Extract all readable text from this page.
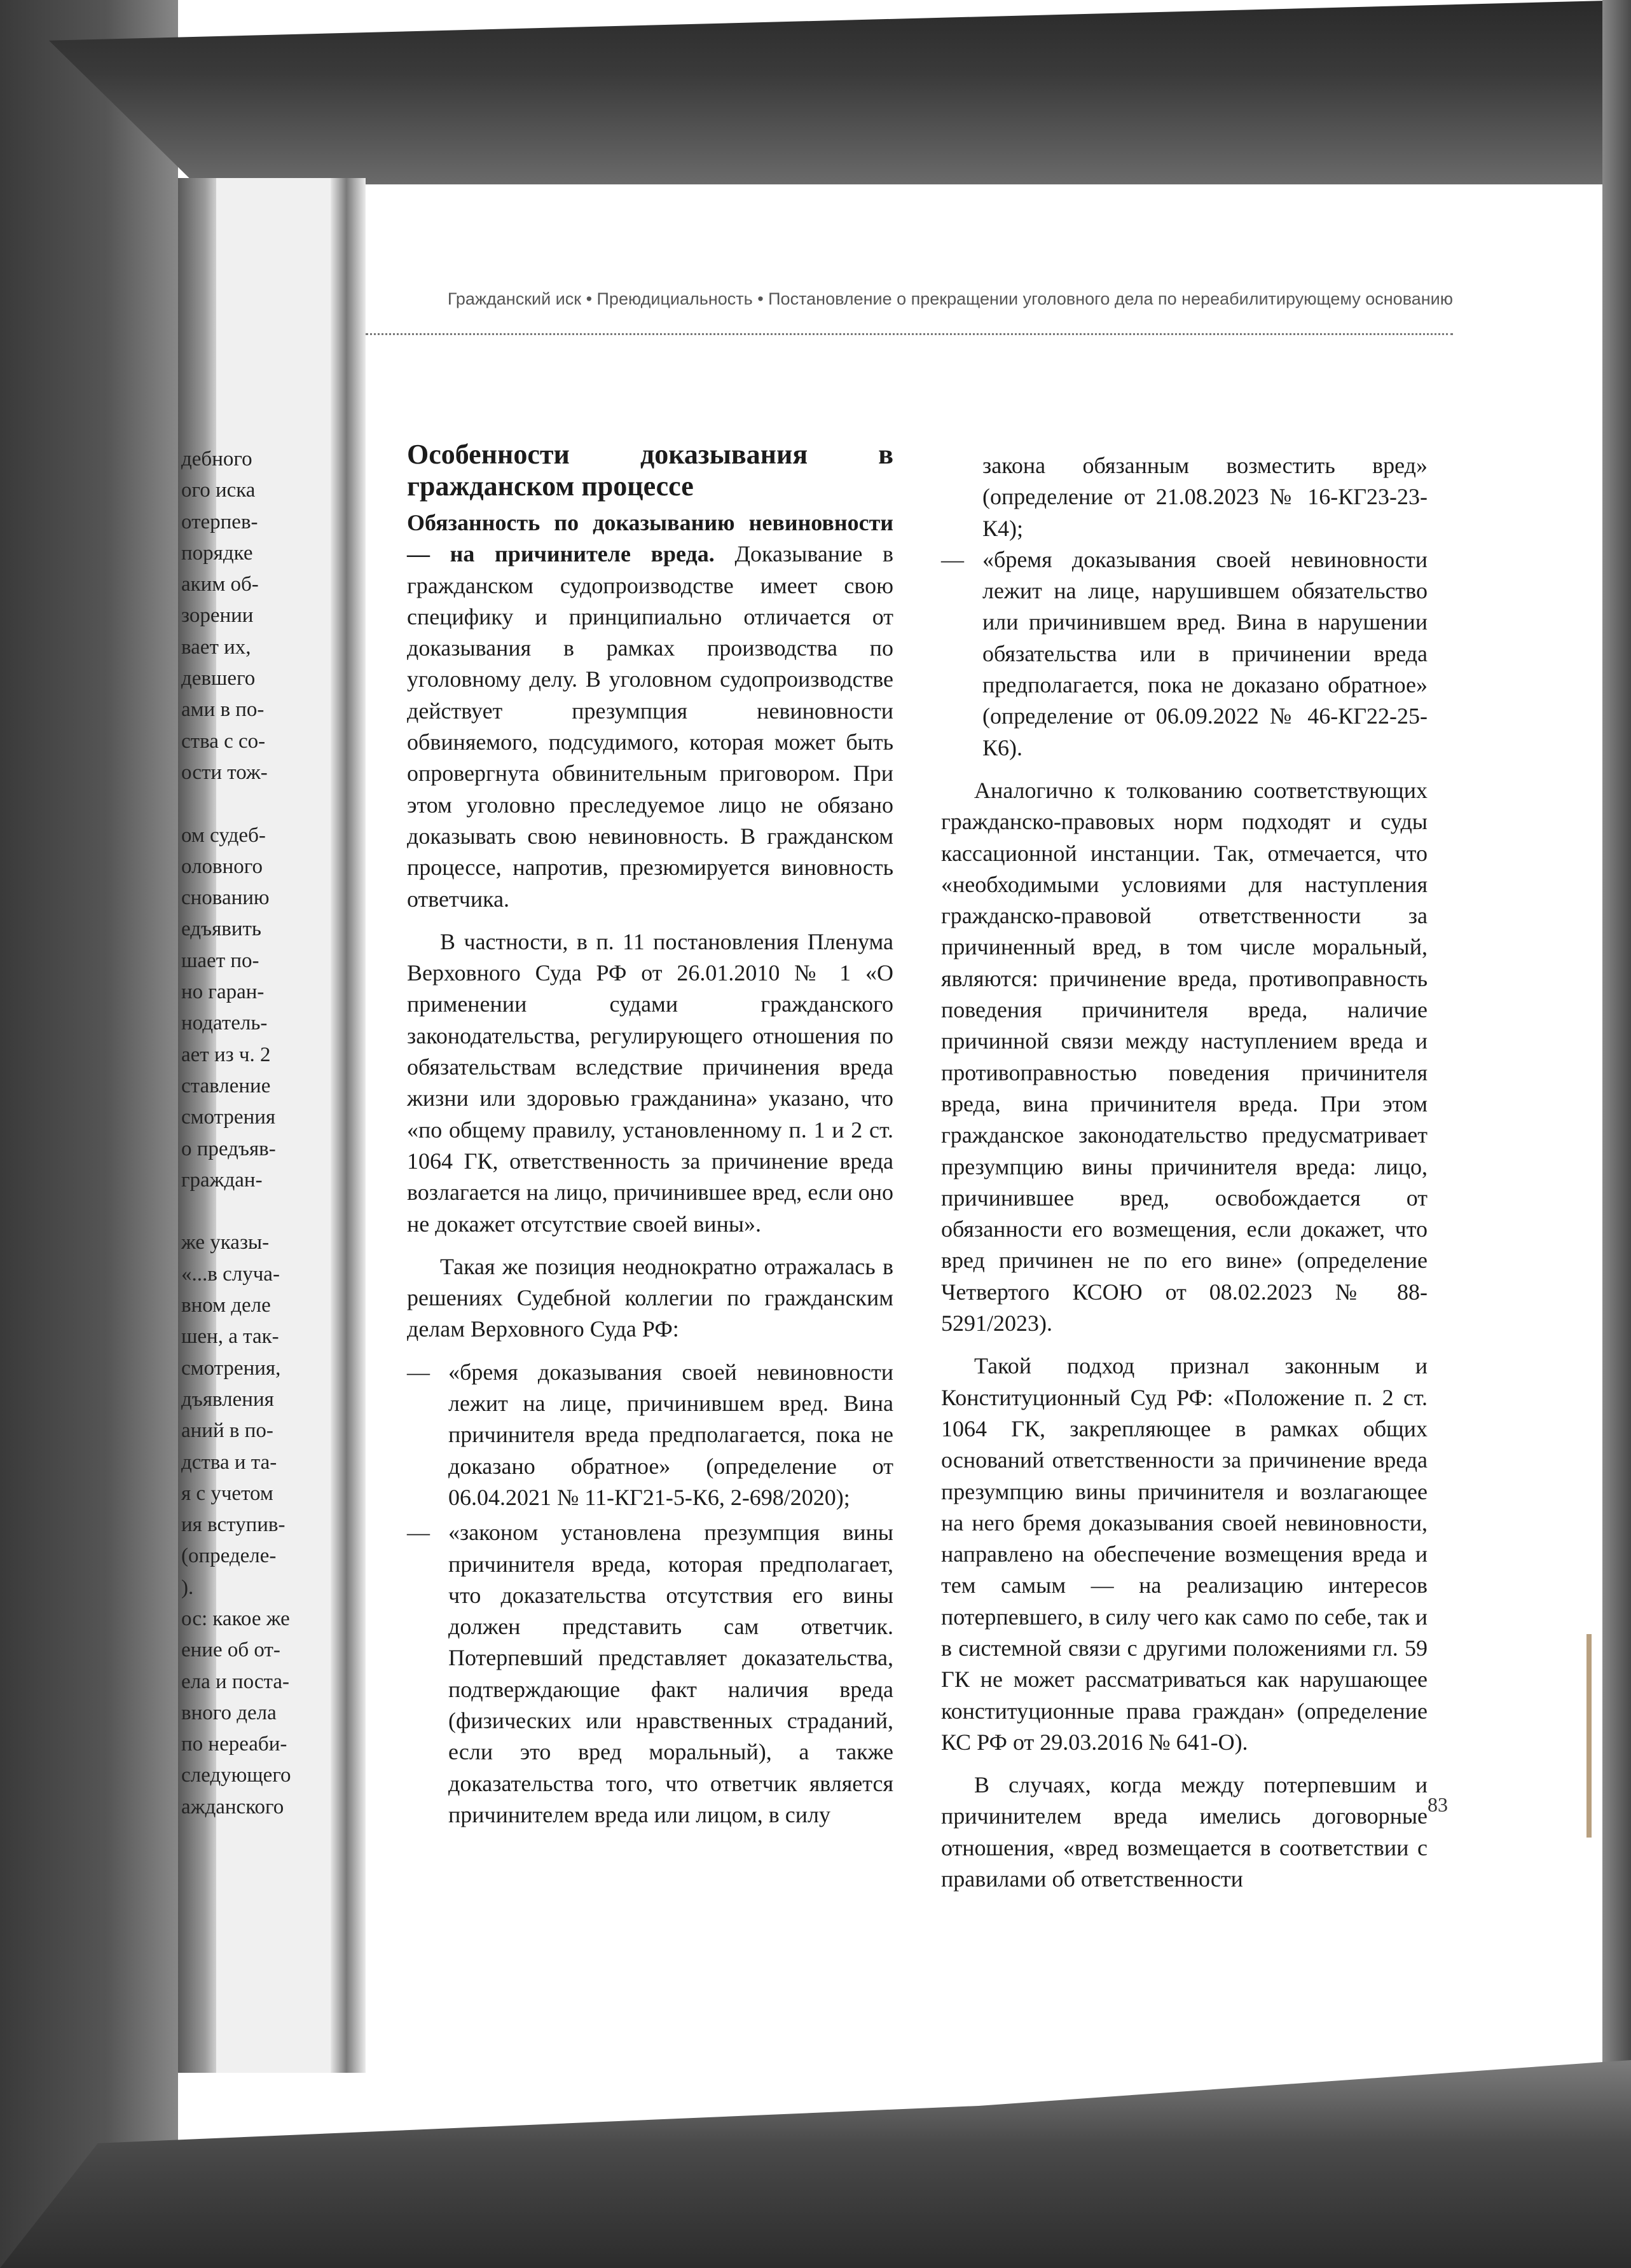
дебного
ого иска
отерпев-
порядке
аким об-
зорении
вает их,
девшего
ами в по-
ства с со-
ости тож-
ом судеб-
оловного
снованию
едъявить
шает по-
но гаран-
нодатель-
ает из ч. 2
ставление
смотрения
о предъяв-
граждан-
же указы-
«...в случа-
вном деле
шен, а так-
смотрения,
дъявления
аний в по-
дства и та-
я с учетом
ия вступив-
(определе-
).
ос: какое же
ение об от-
ела и поста-
вного дела
по нереаби-
следующего
ажданского
Гражданский иск • Преюдициальность • Постановление о прекращении уголовного дела по нереабилитирующему основанию
Особенности доказывания в гражданском процессе

Обязанность по доказыванию невиновности — на причинителе вреда. Доказывание в гражданском судопроизводстве имеет свою специфику и принципиально отличается от доказывания в рамках производства по уголовному делу. В уголовном судопроизводстве действует презумпция невиновности обвиняемого, подсудимого, которая может быть опровергнута обвинительным приговором. При этом уголовно преследуемое лицо не обязано доказывать свою невиновность. В гражданском процессе, напротив, презюмируется виновность ответчика.

В частности, в п. 11 постановления Пленума Верховного Суда РФ от 26.01.2010 № 1 «О применении судами гражданского законодательства, регулирующего отношения по обязательствам вследствие причинения вреда жизни или здоровью гражданина» указано, что «по общему правилу, установленному п. 1 и 2 ст. 1064 ГК, ответственность за причинение вреда возлагается на лицо, причинившее вред, если оно не докажет отсутствие своей вины».

Такая же позиция неоднократно отражалась в решениях Судебной коллегии по гражданским делам Верховного Суда РФ:

— «бремя доказывания своей невиновности лежит на лице, причинившем вред. Вина причинителя вреда предполагается, пока не доказано обратное» (определение от 06.04.2021 № 11-КГ21-5-К6, 2-698/2020);
— «законом установлена презумпция вины причинителя вреда, которая предполагает, что доказательства отсутствия его вины должен представить сам ответчик. Потерпевший представляет доказательства, подтверждающие факт наличия вреда (физических или нравственных страданий, если это вред моральный), а также доказательства того, что ответчик является причинителем вреда или лицом, в силу
закона обязанным возместить вред» (определение от 21.08.2023 № 16-КГ23-23-К4);
— «бремя доказывания своей невиновности лежит на лице, нарушившем обязательство или причинившем вред. Вина в нарушении обязательства или в причинении вреда предполагается, пока не доказано обратное» (определение от 06.09.2022 № 46-КГ22-25-К6).

Аналогично к толкованию соответствующих гражданско-правовых норм подходят и суды кассационной инстанции. Так, отмечается, что «необходимыми условиями для наступления гражданско-правовой ответственности за причиненный вред, в том числе моральный, являются: причинение вреда, противоправность поведения причинителя вреда, наличие причинной связи между наступлением вреда и противоправностью поведения причинителя вреда, вина причинителя вреда. При этом гражданское законодательство предусматривает презумпцию вины причинителя вреда: лицо, причинившее вред, освобождается от обязанности его возмещения, если докажет, что вред причинен не по его вине» (определение Четвертого КСОЮ от 08.02.2023 № 88-5291/2023).

Такой подход признал законным и Конституционный Суд РФ: «Положение п. 2 ст. 1064 ГК, закрепляющее в рамках общих оснований ответственности за причинение вреда презумпцию вины причинителя и возлагающее на него бремя доказывания своей невиновности, направлено на обеспечение возмещения вреда и тем самым — на реализацию интересов потерпевшего, в силу чего как само по себе, так и в системной связи с другими положениями гл. 59 ГК не может рассматриваться как нарушающее конституционные права граждан» (определение КС РФ от 29.03.2016 № 641-О).

В случаях, когда между потерпевшим и причинителем вреда имелись договорные отношения, «вред возмещается в соответствии с правилами об ответственности

83
